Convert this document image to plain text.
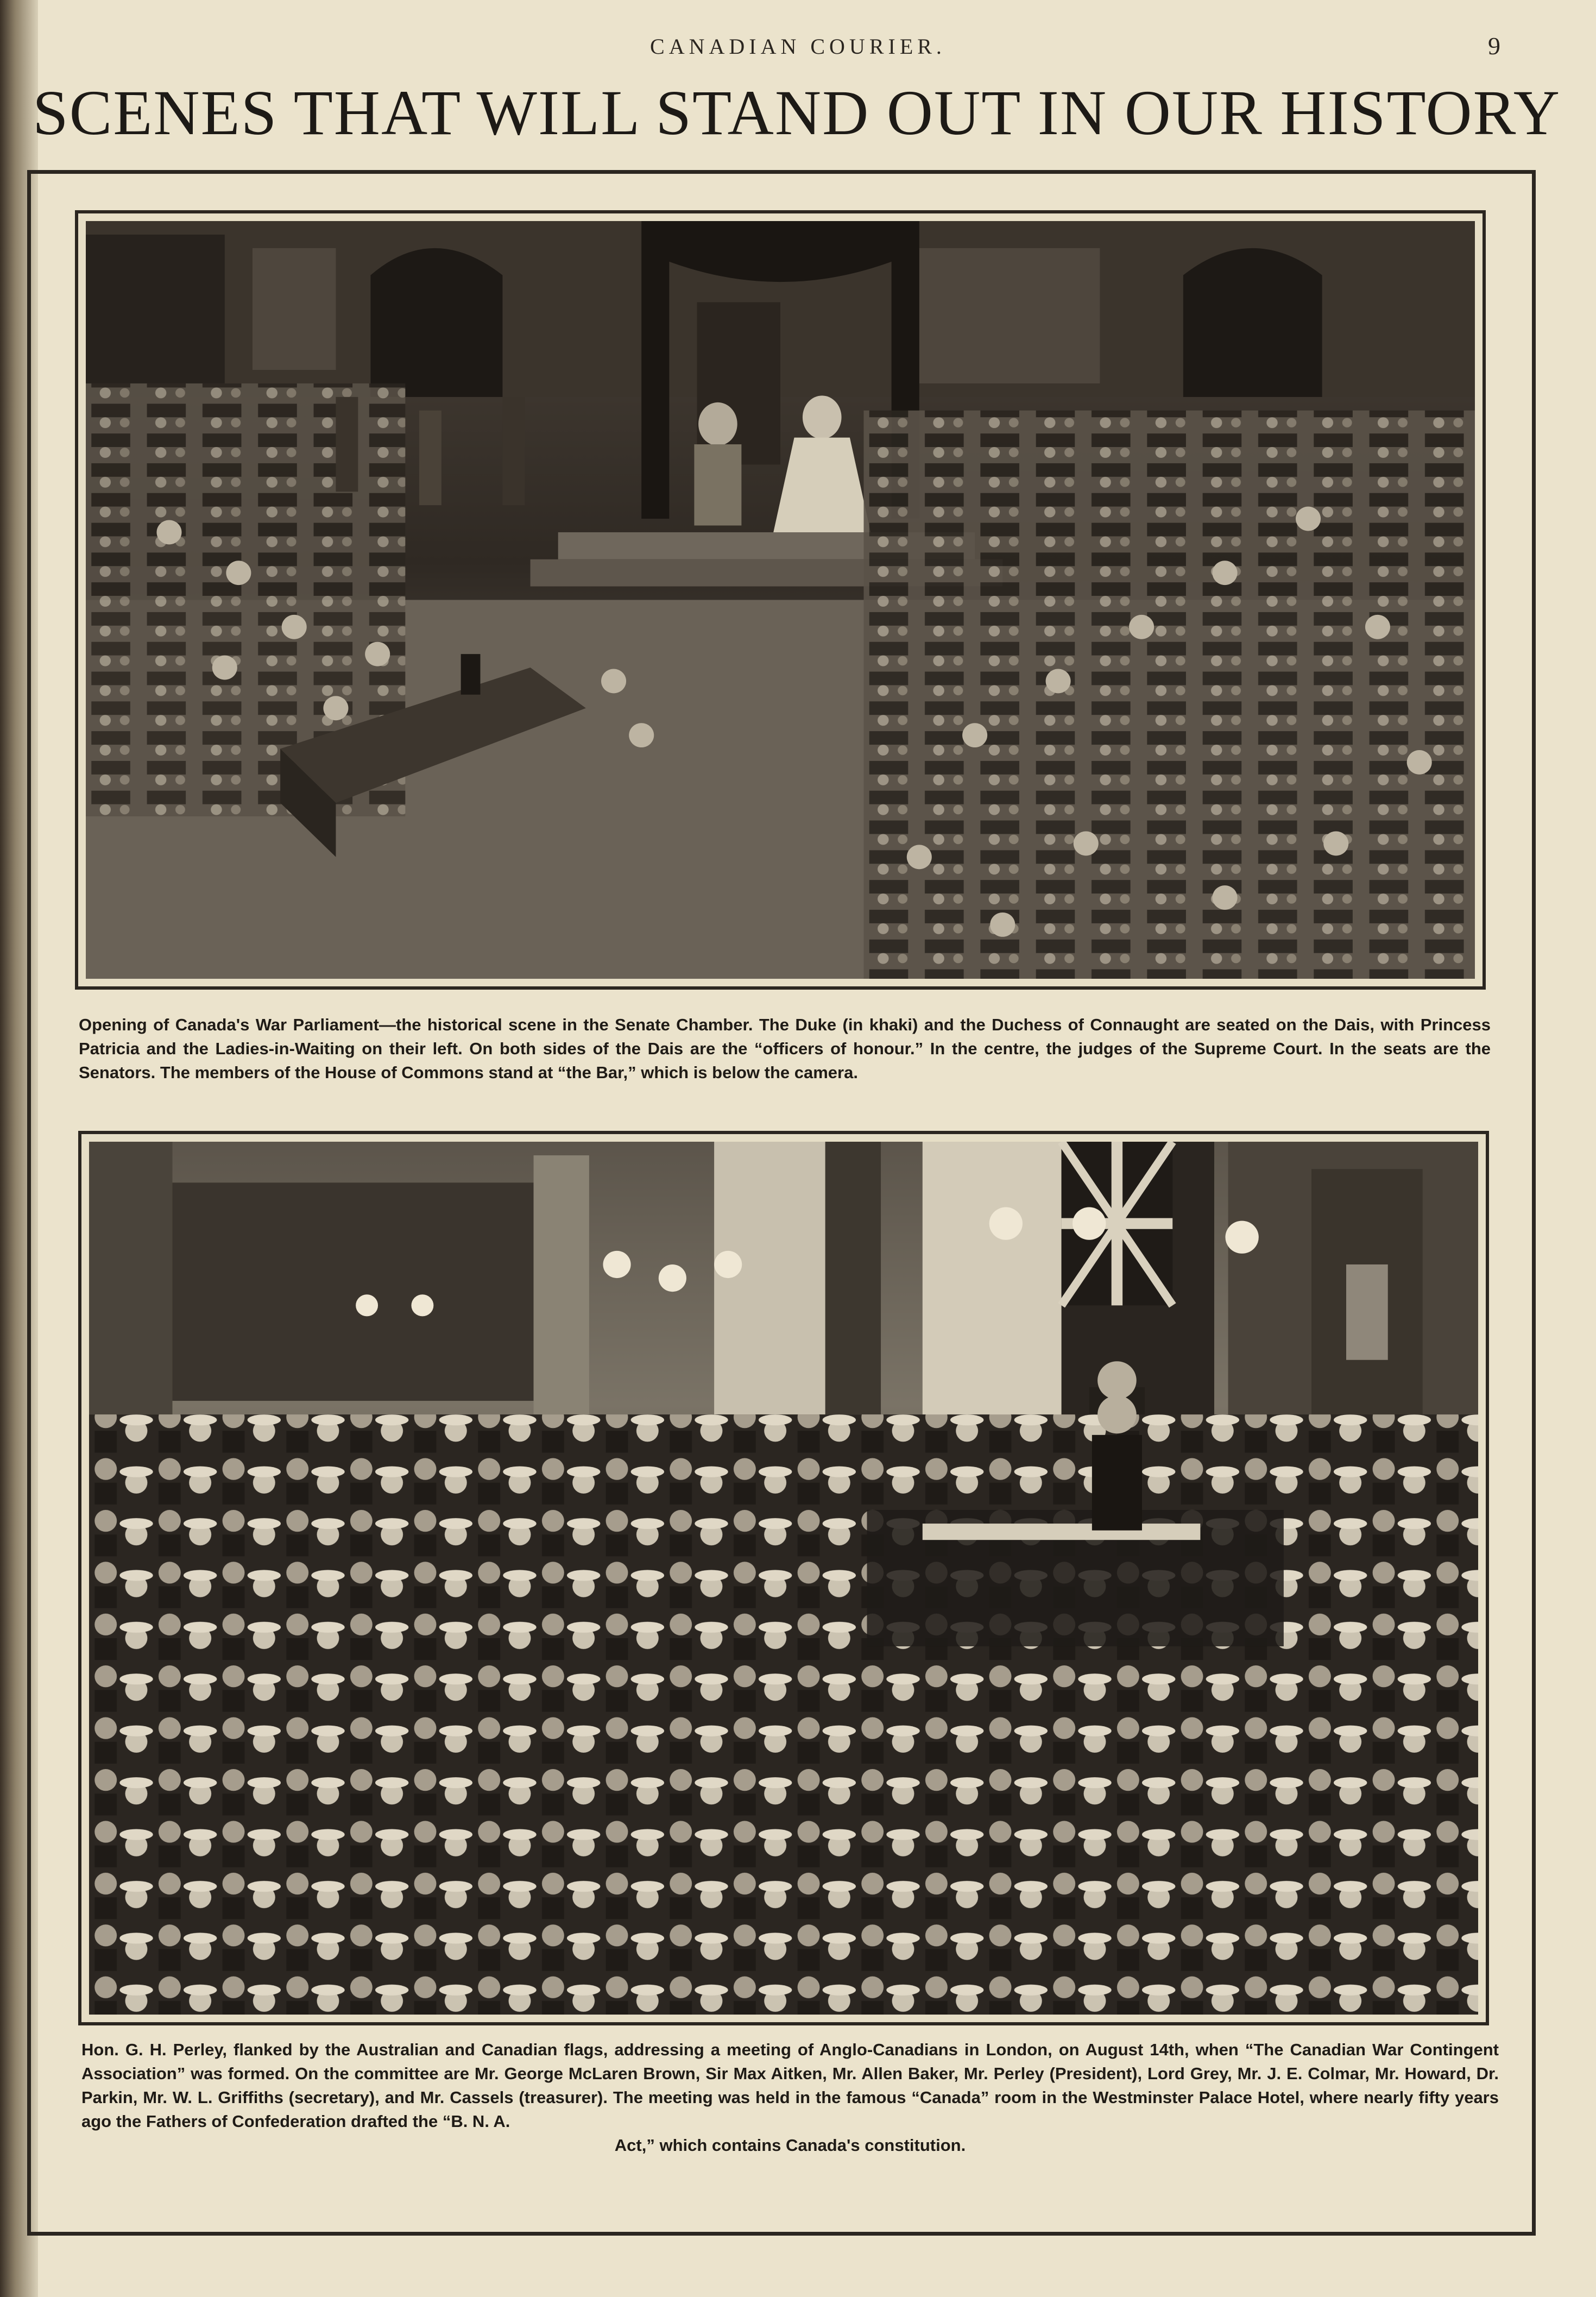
CANADIAN COURIER.	9
SCENES THAT WILL STAND OUT IN OUR HISTORY
Opening of Canada's War Parliament—the historical scene in the Senate Chamber. The Duke (in khaki) and the Duchess of Connaught are seated on the Dais, with Princess Patricia and the Ladies-in-Waiting on their left. On both sides of the Dais are the “officers of honour.” In the centre, the judges of the Supreme Court. In the seats are the Senators. The members of the House of Commons stand at “the Bar,” which is below the camera.
Hon. G. H. Perley, flanked by the Australian and Canadian flags, addressing a meeting of Anglo-Canadians in London, on August 14th, when “The Canadian War Contingent Association” was formed. On the committee are Mr. George McLaren Brown, Sir Max Aitken, Mr. Allen Baker, Mr. Perley (President), Lord Grey, Mr. J. E. Colmar, Mr. Howard, Dr. Parkin, Mr. W. L. Griffiths (secretary), and Mr. Cassels (treasurer). The meeting was held in the famous “Canada” room in the Westminster Palace Hotel, where nearly fifty years ago the Fathers of Confederation drafted the “B. N. A.
Act,” which contains Canada's constitution.
